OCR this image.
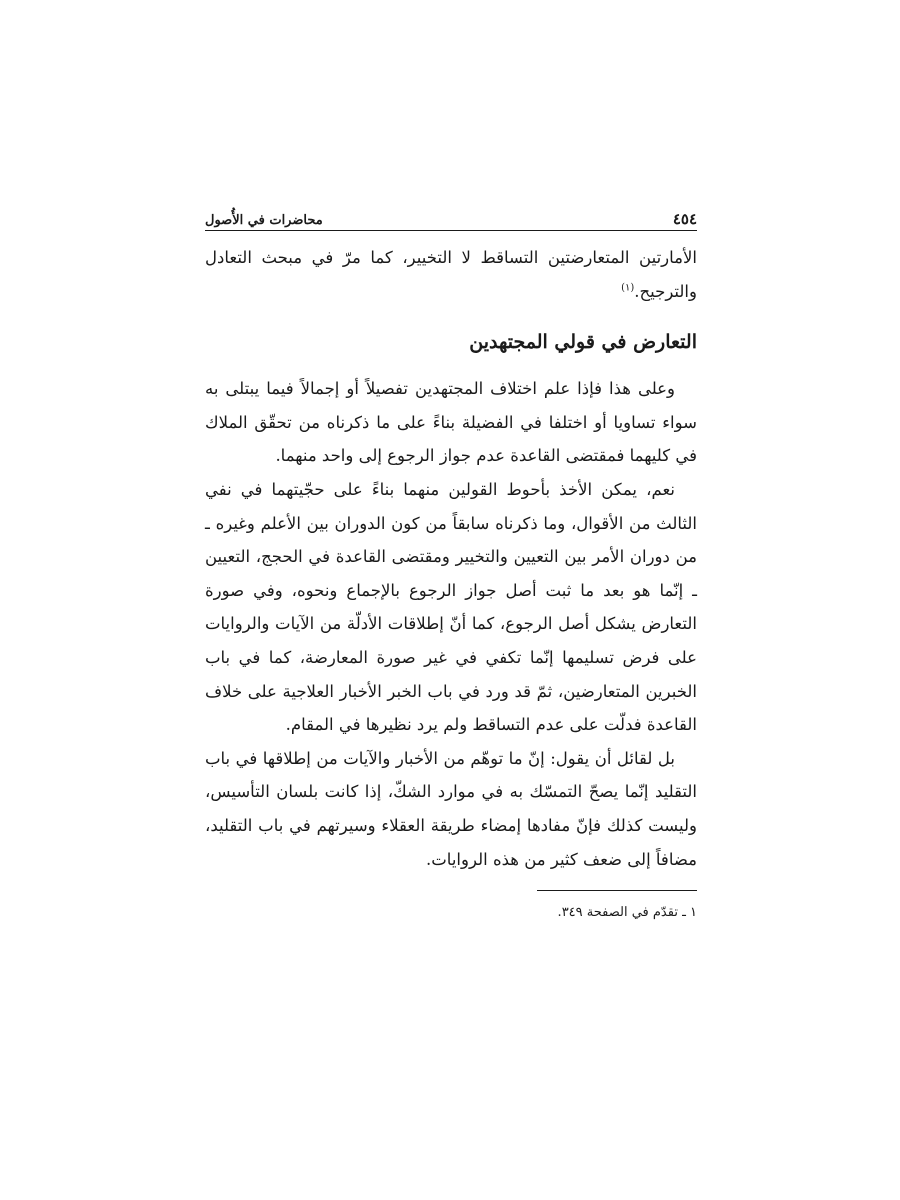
٤٥٤
محاضرات في الأُصول

الأمارتين المتعارضتين التساقط لا التخيير، كما مرّ في مبحث التعادل والترجيح.$^{(١)}$

التعارض في قولي المجتهدين

وعلى هذا فإذا علم اختلاف المجتهدين تفصيلاً أو إجمالاً فيما يبتلى به سواء تساويا أو اختلفا في الفضيلة بناءً على ما ذكرناه من تحقّق الملاك في كليهما فمقتضى القاعدة عدم جواز الرجوع إلى واحد منهما.

نعم، يمكن الأخذ بأحوط القولين منهما بناءً على حجّيتهما في نفي الثالث من الأقوال، وما ذكرناه سابقاً من كون الدوران بين الأعلم وغيره ـ من دوران الأمر بين التعيين والتخيير ومقتضى القاعدة في الحجج، التعيين ـ إنّما هو بعد ما ثبت أصل جواز الرجوع بالإجماع ونحوه، وفي صورة التعارض يشكل أصل الرجوع، كما أنّ إطلاقات الأدلّة من الآيات والروايات على فرض تسليمها إنّما تكفي في غير صورة المعارضة، كما في باب الخبرين المتعارضين، ثمّ قد ورد في باب الخبر الأخبار العلاجية على خلاف القاعدة فدلّت على عدم التساقط ولم يرد نظيرها في المقام.

بل لقائل أن يقول: إنّ ما توهّم من الأخبار والآيات من إطلاقها في باب التقليد إنّما يصحّ التمسّك به في موارد الشكّ، إذا كانت بلسان التأسيس، وليست كذلك فإنّ مفادها إمضاء طريقة العقلاء وسيرتهم في باب التقليد، مضافاً إلى ضعف كثير من هذه الروايات.

١ ـ تقدّم في الصفحة ٣٤٩.
